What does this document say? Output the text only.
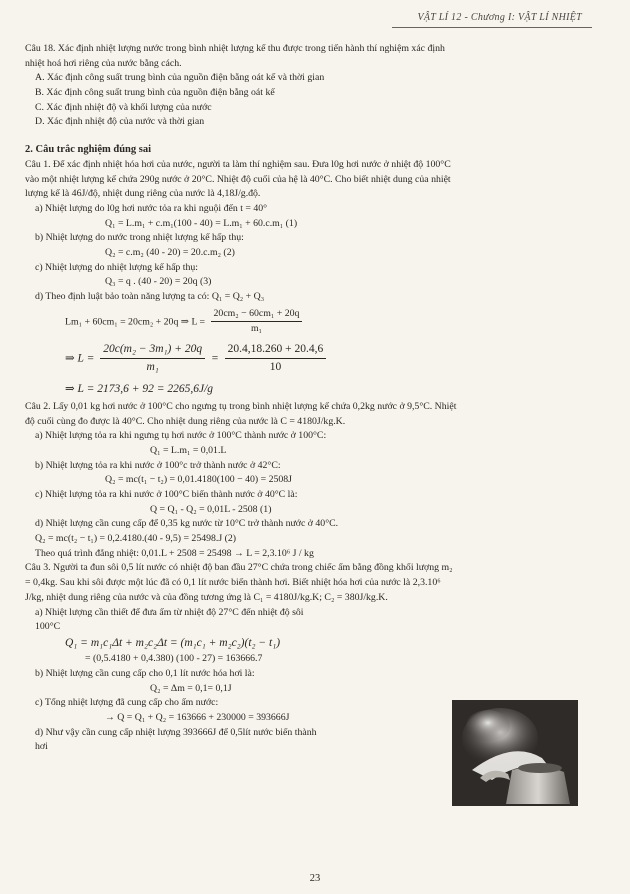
VẬT LÍ 12 - Chương I: VẬT LÍ NHIỆT

Câu 18. Xác định nhiệt lượng nước trong bình nhiệt lượng kế thu được trong tiến hành thí nghiệm xác định

nhiệt hoá hơi riêng của nước bằng cách.

A. Xác định công suất trung bình của nguồn điện bằng oát kế và thời gian

B. Xác định công suất trung bình của nguồn điện bằng oát kế

C. Xác định nhiệt độ và khối lượng của nước

D. Xác định nhiệt độ của nước và thời gian

2. Câu trắc nghiệm đúng sai

Câu 1. Để xác định nhiệt hóa hơi của nước, người ta làm thí nghiệm sau. Đưa l0g hơi nước ở nhiệt độ 100°C

vào một nhiệt lượng kế chứa 290g nước ở 20°C. Nhiệt độ cuối của hệ là 40°C. Cho biết nhiệt dung của nhiệt

lượng kế là 46J/độ, nhiệt dung riêng của nước là 4,18J/g.độ.

a) Nhiệt lượng do l0g hơi nước tỏa ra khi nguội đến t = 40°

Q₁ = L.m₁ + c.m₁(100 - 40) = L.m₁ + 60.c.m₁ (1)

b) Nhiệt lượng do nước trong nhiệt lượng kế hấp thụ:

Q₂ = c.m₂ (40 - 20) = 20.c.m₂ (2)

c) Nhiệt lượng do nhiệt lượng kế hấp thụ:

Q₃ = q . (40 - 20) = 20q (3)

d) Theo định luật bảo toàn năng lượng ta có: Q₁ = Q₂ + Q₃

Lm₁ + 60cm₁ = 20cm₂ + 20q ⇒ $L = \frac{\text{20cm₂ − 60cm₁ + 20q}}{\text{m₁}}$

⇒ $L = \frac{\text{20c(m₂ − 3m₁) + 20q}}{\text{m₁}} = \frac{20.4,18.260 + 20.4,6}{10}$

⇒ L = 2173,6 + 92 = 2265,6J/g

Câu 2. Lấy 0,01 kg hơi nước ở 100°C cho ngưng tụ trong bình nhiệt lượng kế chứa 0,2kg nước ở 9,5°C. Nhiệt

độ cuối cùng đo được là 40°C. Cho nhiệt dung riêng của nước là C = 4180J/kg.K.

a) Nhiệt lượng tỏa ra khi ngưng tụ hơi nước ở 100°C thành nước ở 100°C:

Q₁ = L.m₁ = 0,01.L

b) Nhiệt lượng tỏa ra khi nước ở 100°c trở thành nước ở 42°C:

Q₂ = mc(t₁ − t₂) = 0,01.4180(100 − 40) = 2508J

c) Nhiệt lượng tỏa ra khi nước ở 100°C biến thành nước ở 40°C là:

Q = Q₁ - Q₂ = 0,01L - 2508 (1)

d) Nhiệt lượng cần cung cấp để 0,35 kg nước từ 10°C trở thành nước ở 40°C.

Q₂ = mc(t₂ − t₁) = 0,2.4180.(40 - 9,5) = 25498.J (2)

Theo quá trình đẳng nhiệt: 0,01.L + 2508 = 25498 → L = 2,3.10⁶ J / kg

Câu 3. Người ta đun sôi 0,5 lít nước có nhiệt độ ban đầu 27°C chứa trong chiếc ấm bằng đồng khối lượng m₂

= 0,4kg. Sau khi sôi được một lúc đã có 0,1 lít nước biến thành hơi. Biết nhiệt hóa hơi của nước là 2,3.10⁶

J/kg, nhiệt dung riêng của nước và của đồng tương ứng là C₁ = 4180J/kg.K; C₂ = 380J/kg.K.

a) Nhiệt lượng cần thiết để đưa ấm từ nhiệt độ 27°C đến nhiệt độ sôi

100°C

Q₁ = m₁c₁Δt + m₂c₂Δt = (m₁c₁ + m₂c₂)(t₂ − t₁)

= (0,5.4180 + 0,4.380) (100 - 27) = 163666.7

b) Nhiệt lượng cần cung cấp cho 0,1 lít nước hóa hơi là:

Q₂ = Δm = 0,1= 0,1J

c) Tổng nhiệt lượng đã cung cấp cho ấm nước:

→ Q = Q₁ + Q₂ = 163666 + 230000 = 393666J

d) Như vậy cần cung cấp nhiệt lượng 393666J để 0,5lít nước biến thành

hơi

23
